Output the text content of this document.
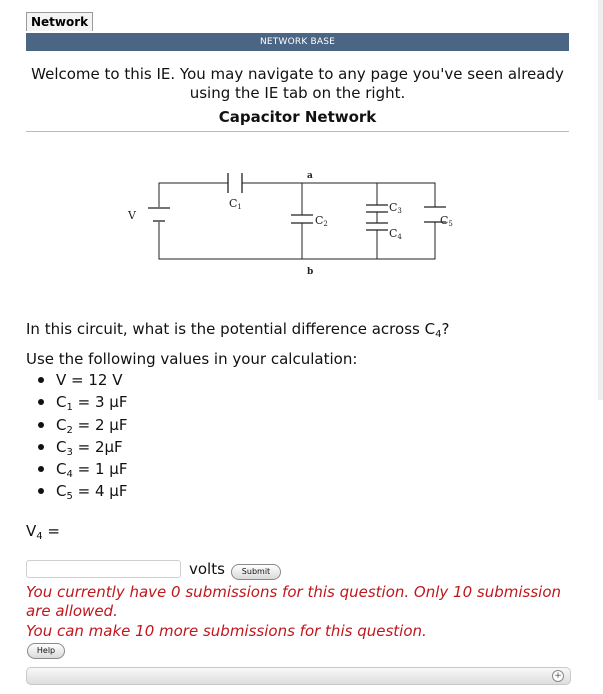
Network
NETWORK BASE
Welcome to this IE. You may navigate to any page you've seen already
using the IE tab on the right.
Capacitor Network
V
a
b
C1
C2
C3
C4
C5
In this circuit, what is the potential difference across $C_4$?
Use the following values in your calculation:
V = 12 V
$C_1 = 3$ μF
$C_2 = 2$ μF
$C_3 = 2\mu F$
$C_4 = 1$ μF
$C_5 = 4$ μF
$V_4$ =
volts	Submit
You currently have 0 submissions for this question. Only 10 submission are allowed.
You can make 10 more submissions for this question.
Help
+
